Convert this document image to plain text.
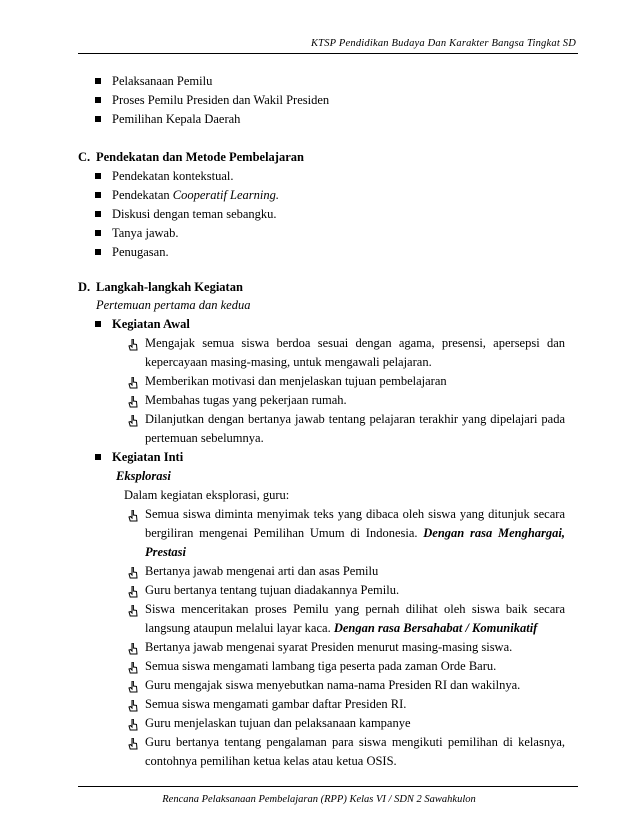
KTSP Pendidikan Budaya Dan Karakter Bangsa Tingkat SD
Pelaksanaan Pemilu
Proses Pemilu Presiden dan Wakil Presiden
Pemilihan Kepala Daerah
C. Pendekatan dan Metode Pembelajaran
Pendekatan kontekstual.
Pendekatan Cooperatif Learning.
Diskusi dengan teman sebangku.
Tanya jawab.
Penugasan.
D. Langkah-langkah Kegiatan
Pertemuan pertama dan kedua
Kegiatan Awal
Mengajak semua siswa berdoa sesuai dengan agama, presensi, apersepsi dan kepercayaan masing-masing, untuk mengawali pelajaran.
Memberikan motivasi dan menjelaskan tujuan pembelajaran
Membahas tugas yang pekerjaan rumah.
Dilanjutkan dengan bertanya jawab tentang pelajaran terakhir yang dipelajari pada pertemuan sebelumnya.
Kegiatan Inti
Eksplorasi
Dalam kegiatan eksplorasi, guru:
Semua siswa diminta menyimak teks yang dibaca oleh siswa yang ditunjuk secara bergiliran mengenai Pemilihan Umum di Indonesia. Dengan rasa Menghargai, Prestasi
Bertanya jawab mengenai arti dan asas Pemilu
Guru bertanya tentang tujuan diadakannya Pemilu.
Siswa menceritakan proses Pemilu yang pernah dilihat oleh siswa baik secara langsung ataupun melalui layar kaca. Dengan rasa Bersahabat / Komunikatif
Bertanya jawab mengenai syarat Presiden menurut masing-masing siswa.
Semua siswa mengamati lambang tiga peserta pada zaman Orde Baru.
Guru mengajak siswa menyebutkan nama-nama Presiden RI dan wakilnya.
Semua siswa mengamati gambar daftar Presiden RI.
Guru menjelaskan tujuan dan pelaksanaan kampanye
Guru bertanya tentang pengalaman para siswa mengikuti pemilihan di kelasnya, contohnya pemilihan ketua kelas atau ketua OSIS.
Rencana Pelaksanaan Pembelajaran (RPP) Kelas VI / SDN 2 Sawahkulon
